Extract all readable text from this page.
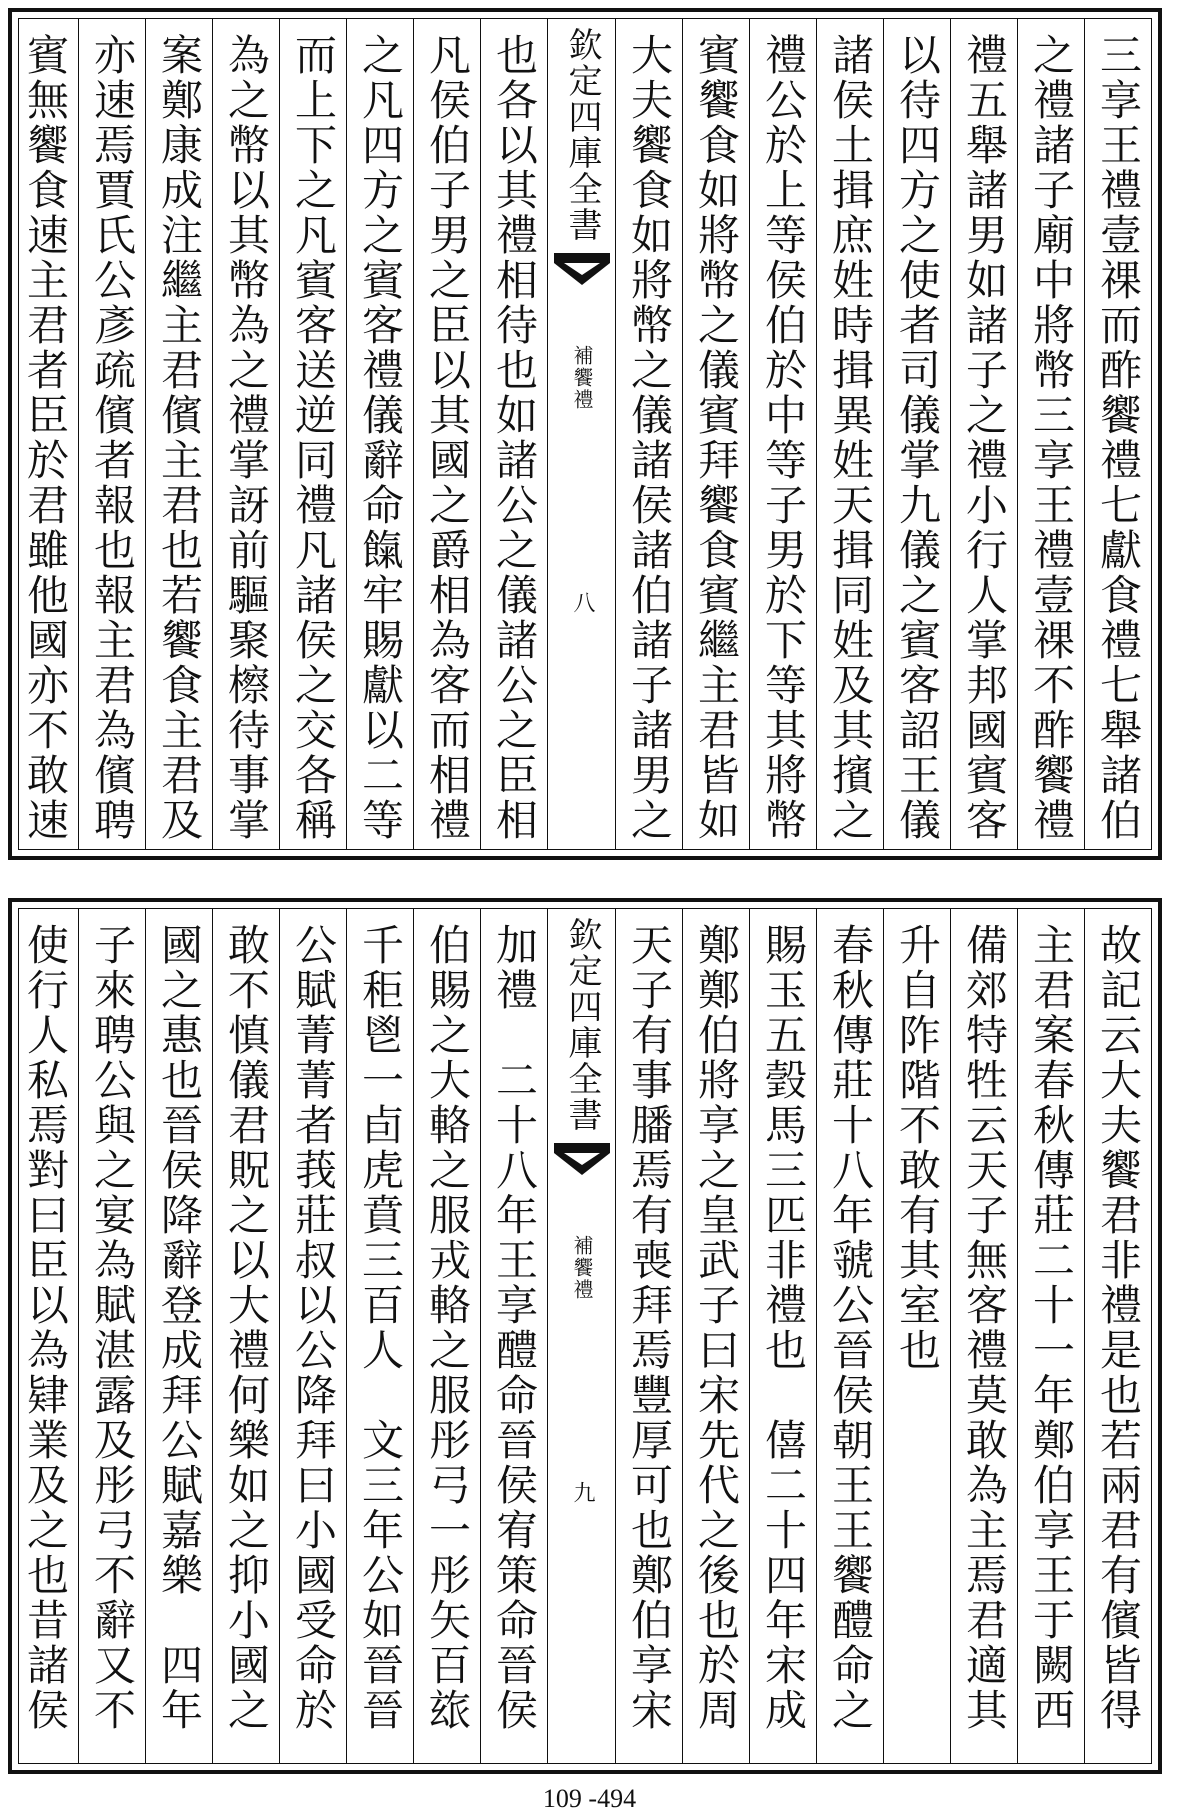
三享王禮壹祼而酢饗禮七獻食禮七舉諸伯
之禮諸子廟中將幣三享王禮壹祼不酢饗禮
禮五舉諸男如諸子之禮小行人掌邦國賓客
以待四方之使者司儀掌九儀之賓客詔王儀
諸侯土揖庶姓時揖異姓天揖同姓及其擯之
禮公於上等侯伯於中等子男於下等其將幣
賓饗食如將幣之儀賓拜饗食賓繼主君皆如
大夫饗食如將幣之儀諸侯諸伯諸子諸男之
欽定四庫全書
補饗禮
八
也各以其禮相待也如諸公之儀諸公之臣相
凡侯伯子男之臣以其國之爵相為客而相禮
之凡四方之賓客禮儀辭命餼牢賜獻以二等
而上下之凡賓客送逆同禮凡諸侯之交各稱
為之幣以其幣為之禮掌訝前驅聚檫待事掌
案鄭康成注繼主君儐主君也若饗食主君及
亦速焉賈氏公彥疏儐者報也報主君為儐聘
賓無饗食速主君者臣於君雖他國亦不敢速
故記云大夫饗君非禮是也若兩君有儐皆得
主君案春秋傳莊二十一年鄭伯享王于闕西
備郊特牲云天子無客禮莫敢為主焉君適其
升自阼階不敢有其室也
春秋傳莊十八年虢公晉侯朝王王饗醴命之
賜玉五瑴馬三匹非禮也　僖二十四年宋成
鄭鄭伯將享之皇武子曰宋先代之後也於周
天子有事膰焉有喪拜焉豐厚可也鄭伯享宋
欽定四庫全書
補饗禮
九
加禮　二十八年王享醴命晉侯宥策命晉侯
伯賜之大輅之服戎輅之服彤弓一彤矢百玈
千秬鬯一卣虎賁三百人　文三年公如晉晉
公賦菁菁者莪莊叔以公降拜曰小國受命於
敢不慎儀君貺之以大禮何樂如之抑小國之
國之惠也晉侯降辭登成拜公賦嘉樂　四年
子來聘公與之宴為賦湛露及彤弓不辭又不
使行人私焉對曰臣以為肄業及之也昔諸侯
109 -494
